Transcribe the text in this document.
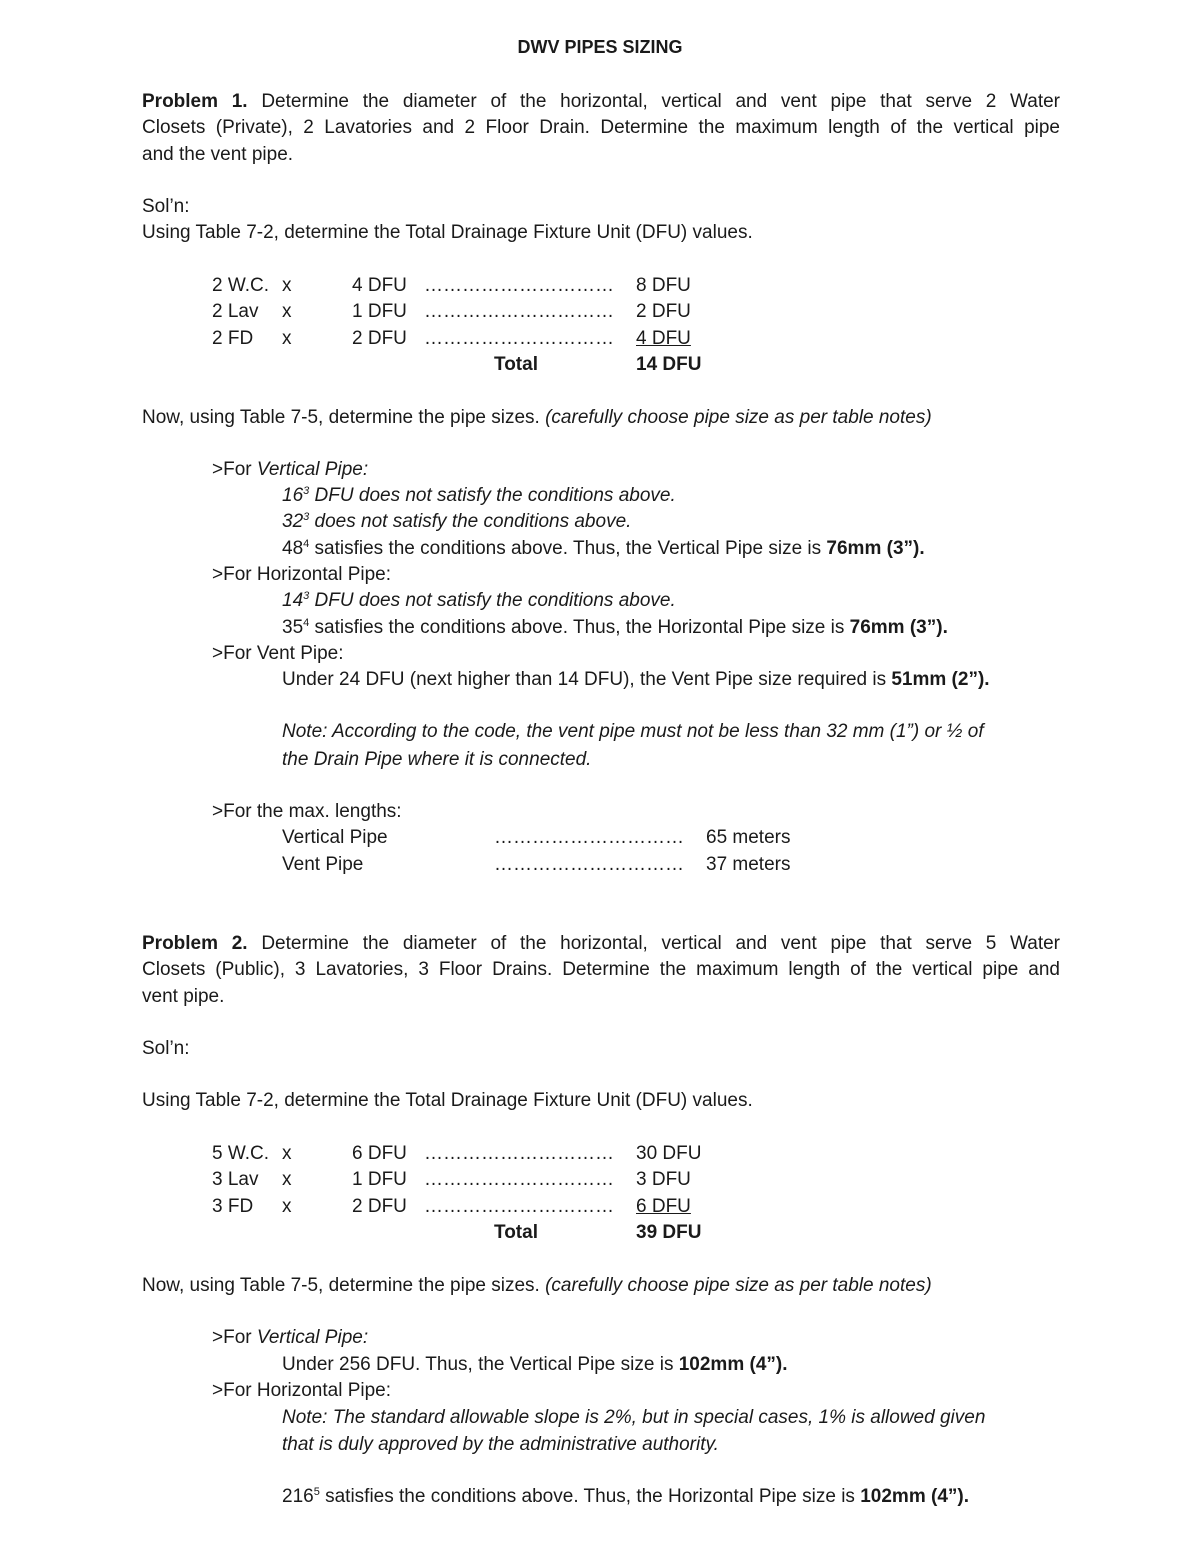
DWV PIPES SIZING
Problem 1. Determine the diameter of the horizontal, vertical and vent pipe that serve 2 Water
Closets (Private), 2 Lavatories and 2 Floor Drain. Determine the maximum length of the vertical pipe
and the vent pipe.
Sol’n:
Using Table 7-2, determine the Total Drainage Fixture Unit (DFU) values.
2 W.C. x	4 DFU ………………………… 8 DFU
2 Lav x	1 DFU ………………………… 2 DFU
2 FD x	2 DFU ………………………… 4 DFU
Total	14 DFU
Now, using Table 7-5, determine the pipe sizes. (carefully choose pipe size as per table notes)
>For Vertical Pipe:
$16^3$ DFU does not satisfy the conditions above.
$32^3$ does not satisfy the conditions above.
$48^4$ satisfies the conditions above. Thus, the Vertical Pipe size is 76mm (3”).
>For Horizontal Pipe:
$14^3$ DFU does not satisfy the conditions above.
$35^4$ satisfies the conditions above. Thus, the Horizontal Pipe size is 76mm (3”).
>For Vent Pipe:
Under 24 DFU (next higher than 14 DFU), the Vent Pipe size required is 51mm (2”).
Note: According to the code, the vent pipe must not be less than 32 mm (1”) or ½ of
the Drain Pipe where it is connected.
>For the max. lengths:
Vertical Pipe	………………………… 65 meters
Vent Pipe	………………………… 37 meters
Problem 2. Determine the diameter of the horizontal, vertical and vent pipe that serve 5 Water
Closets (Public), 3 Lavatories, 3 Floor Drains. Determine the maximum length of the vertical pipe and
vent pipe.
Sol’n:
Using Table 7-2, determine the Total Drainage Fixture Unit (DFU) values.
5 W.C. x	6 DFU ………………………… 30 DFU
3 Lav x	1 DFU ………………………… 3 DFU
3 FD x	2 DFU ………………………… 6 DFU
Total	39 DFU
Now, using Table 7-5, determine the pipe sizes. (carefully choose pipe size as per table notes)
>For Vertical Pipe:
Under 256 DFU. Thus, the Vertical Pipe size is 102mm (4”).
>For Horizontal Pipe:
Note: The standard allowable slope is 2%, but in special cases, 1% is allowed given
that is duly approved by the administrative authority.
$216^5$ satisfies the conditions above. Thus, the Horizontal Pipe size is 102mm (4”).
